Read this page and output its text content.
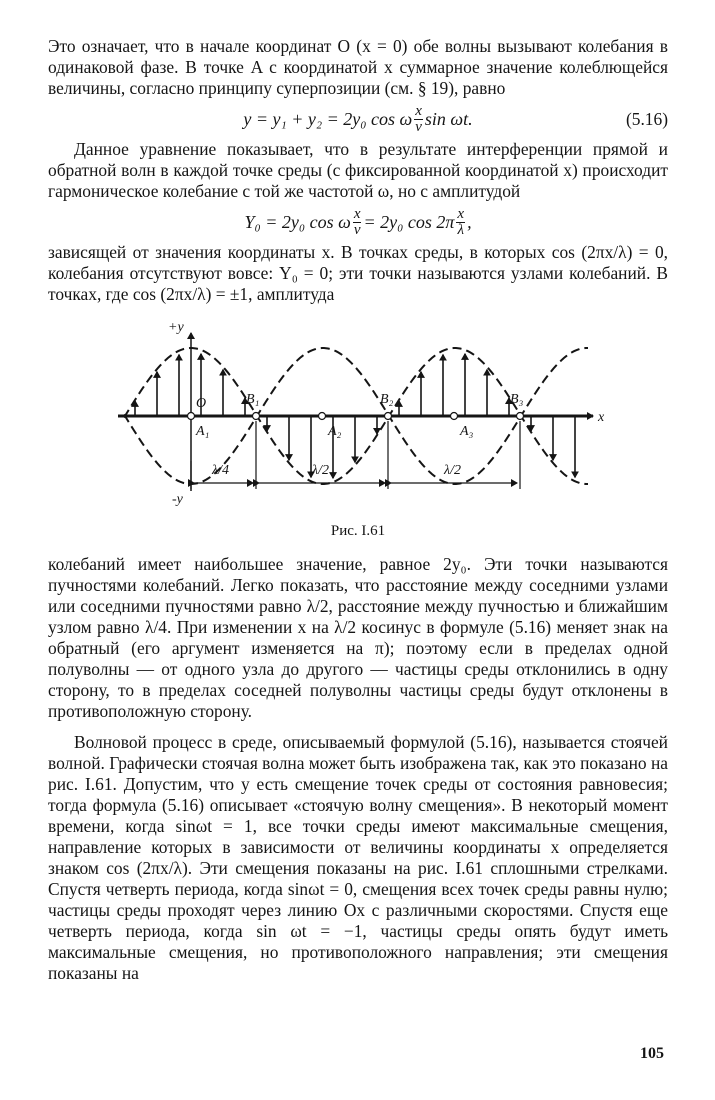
Это означает, что в начале координат O (x = 0) обе волны вызывают колебания в одинаковой фазе. В точке A с координатой x суммарное значение колеблющейся величины, согласно принципу суперпозиции (см. § 19), равно

y = y₁ + y₂ = 2y₀ cos ω $\frac{x}{v}$ sin ωt.	(5.16)

Данное уравнение показывает, что в результате интерференции прямой и обратной волн в каждой точке среды (с фиксированной координатой x) происходит гармоническое колебание с той же частотой ω, но с амплитудой

Y₀ = 2y₀ cos ω $\frac{x}{v} = 2y_0$ $\cos 2\pi \frac{x}{\lambda}$ ,

зависящей от значения координаты x. В точках среды, в которых cos (2πx/λ) = 0, колебания отсутствуют вовсе: Y₀ = 0; эти точки называются узлами колебаний. В точках, где cos (2πx/λ) = ±1, амплитуда

+y
-y
x
O
A₁
B₁
A₂
B₂
A₃
B₃
λ/4	λ/2	λ/2
Рис. I.61

колебаний имеет наибольшее значение, равное 2y₀. Эти точки называются пучностями колебаний. Легко показать, что расстояние между соседними узлами или соседними пучностями равно λ/2, расстояние между пучностью и ближайшим узлом равно λ/4. При изменении x на λ/2 косинус в формуле (5.16) меняет знак на обратный (его аргумент изменяется на π); поэтому если в пределах одной полуволны — от одного узла до другого — частицы среды отклонились в одну сторону, то в пределах соседней полуволны частицы среды будут отклонены в противоположную сторону.

Волновой процесс в среде, описываемый формулой (5.16), называется стоячей волной. Графически стоячая волна может быть изображена так, как это показано на рис. I.61. Допустим, что y есть смещение точек среды от состояния равновесия; тогда формула (5.16) описывает «стоячую волну смещения». В некоторый момент времени, когда sinωt = 1, все точки среды имеют максимальные смещения, направление которых в зависимости от величины координаты x определяется знаком cos (2πx/λ). Эти смещения показаны на рис. I.61 сплошными стрелками. Спустя четверть периода, когда sinωt = 0, смещения всех точек среды равны нулю; частицы среды проходят через линию Ox с различными скоростями. Спустя еще четверть периода, когда sin ωt = −1, частицы среды опять будут иметь максимальные смещения, но противоположного направления; эти смещения показаны на

105
